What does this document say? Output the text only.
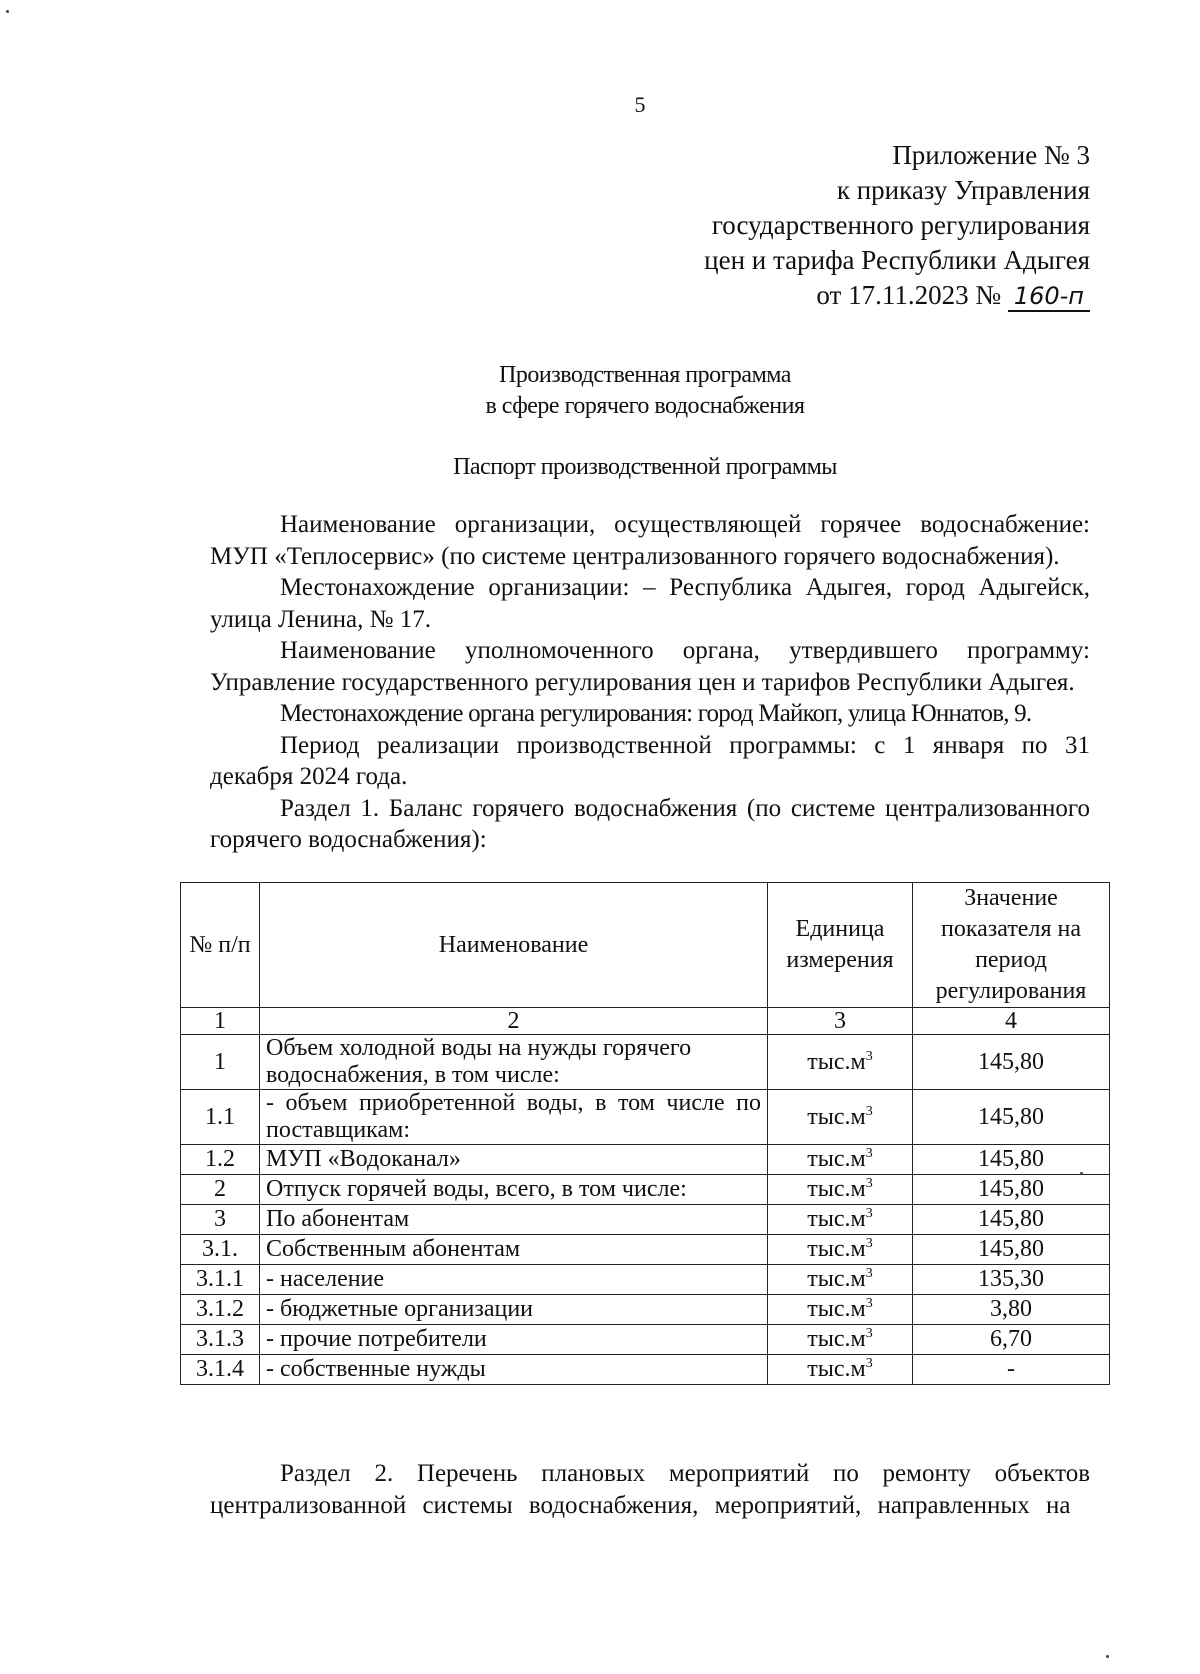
5
Приложение № 3
к приказу Управления
государственного регулирования
цен и тарифа Республики Адыгея
от 17.11.2023 № 160-п
Производственная программа
в сфере горячего водоснабжения
Паспорт производственной программы

Наименование организации, осуществляющей горячее водоснабжение: МУП «Теплосервис» (по системе централизованного горячего водоснабжения).

Местонахождение организации: – Республика Адыгея, город Адыгейск, улица Ленина, № 17.

Наименование уполномоченного органа, утвердившего программу: Управление государственного регулирования цен и тарифов Республики Адыгея.

Местонахождение органа регулирования: город Майкоп, улица Юннатов, 9.

Период реализации производственной программы: с 1 января по 31 декабря 2024 года.

Раздел 1. Баланс горячего водоснабжения (по системе централизованного горячего водоснабжения):

№ п/п	Наименование	Единица измерения	Значение показателя на период регулирования
1	2	3	4
1	Объем холодной воды на нужды горячего водоснабжения, в том числе:	$тыс.м^3$	145,80
1.1	- объем приобретенной воды, в том числе по поставщикам:	$тыс.м^3$	145,80
1.2	МУП «Водоканал»	$тыс.м^3$	145,80
2	Отпуск горячей воды, всего, в том числе:	$тыс.м^3$	145,80
3	По абонентам	$тыс.м^3$	145,80
3.1.	Собственным абонентам	$тыс.м^3$	145,80
3.1.1	- население	$тыс.м^3$	135,30
3.1.2	- бюджетные организации	$тыс.м^3$	3,80
3.1.3	- прочие потребители	$тыс.м^3$	6,70
3.1.4	- собственные нужды	$тыс.м^3$	-

Раздел 2. Перечень плановых мероприятий по ремонту объектов централизованной системы водоснабжения, мероприятий, направленных на
